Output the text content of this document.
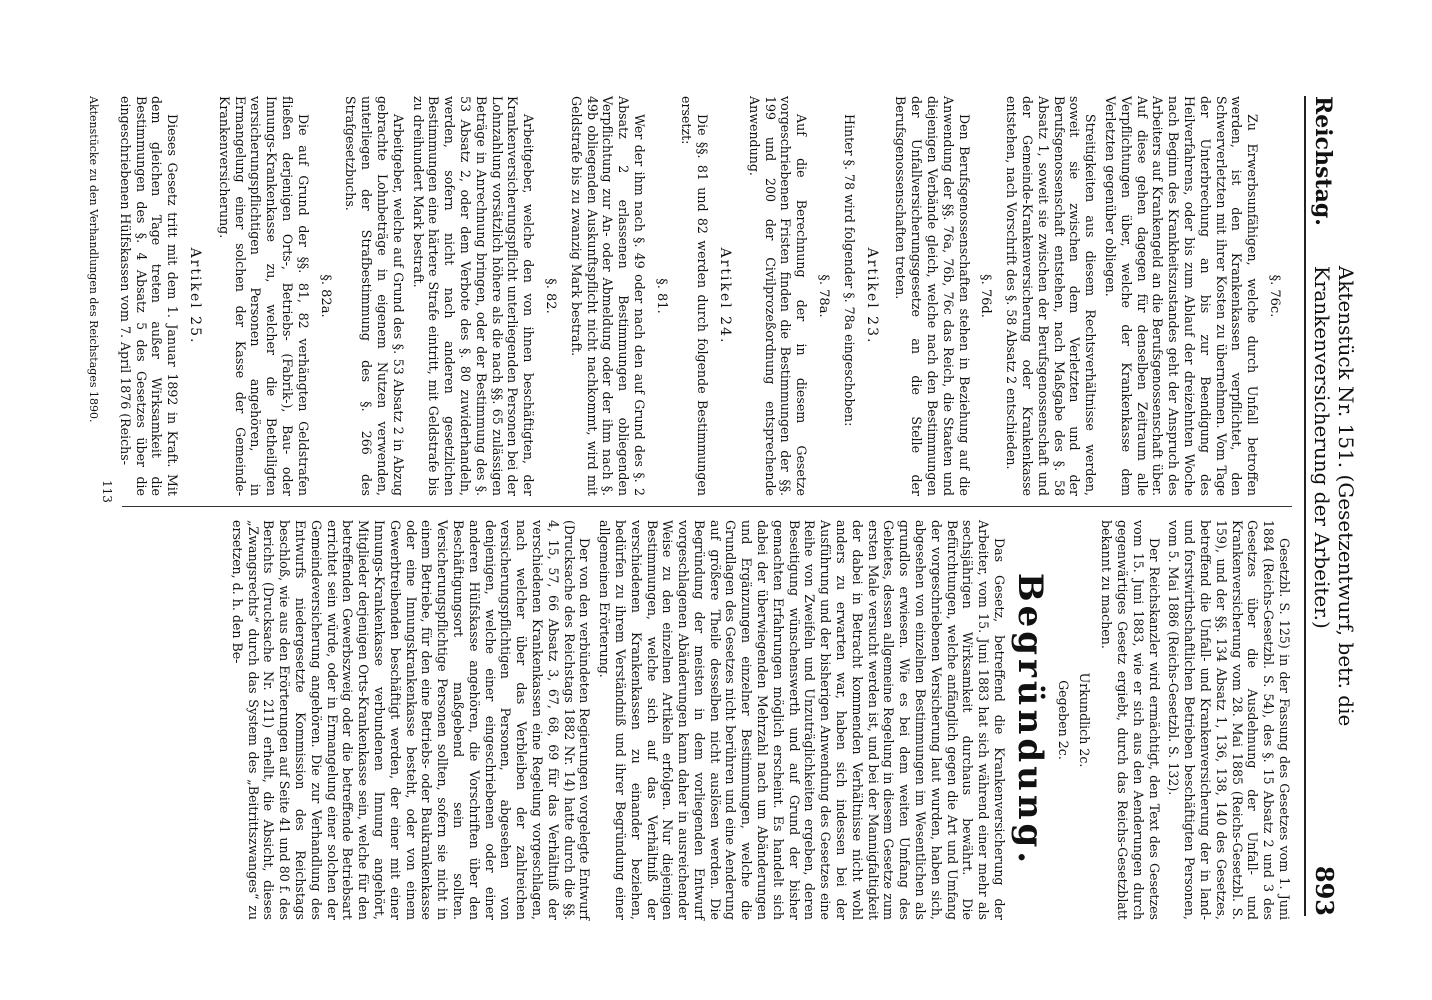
Reichstag.
Aktenstück Nr. 151. (Gesetzentwurf, betr. die Krankenversicherung der Arbeiter.)
893
§. 76c.

Zu Erwerbsunfähigen, welche durch Unfall betroffen werden, ist den Krankenkassen verpflichtet, den Schwerverletzten mit ihrer Kosten zu übernehmen. Vom Tage der Unterbrechung an bis zur Beendigung des Heilverfahrens, oder bis zum Ablauf der dreizehnten Woche nach Beginn des Krankheitszustandes geht der Anspruch des Arbeiters auf Krankengeld an die Berufsgenossenschaft über. Auf diese gehen dagegen für denselben Zeitraum alle Verpflichtungen über, welche der Krankenkasse dem Verletzten gegenüber obliegen.

Streitigkeiten aus diesem Rechtsverhältnisse werden, soweit sie zwischen dem Verletzten und der Berufsgenossenschaft entstehen, nach Maßgabe des §. 58 Absatz 1, soweit sie zwischen der Berufsgenossenschaft und der Gemeinde-Krankenversicherung oder Krankenkasse entstehen, nach Vorschrift des §. 58 Absatz 2 entschieden.

§. 76d.

Den Berufsgenossenschaften stehen in Beziehung auf die Anwendung der §§. 76a, 76b, 76c das Reich, die Staaten und diejenigen Verbände gleich, welche nach den Bestimmungen der Unfallversicherungsgesetze an die Stelle der Berufsgenossenschaften treten.

Artikel 23.

Hinter §. 78 wird folgender §. 78a eingeschoben:

§. 78a.

Auf die Berechnung der in diesem Gesetze vorgeschriebenen Fristen finden die Bestimmungen der §§. 199 und 200 der Civilprozeßordnung entsprechende Anwendung.

Artikel 24.

Die §§. 81 und 82 werden durch folgende Bestimmungen ersetzt:

§. 81.

Wer der ihm nach §. 49 oder nach den auf Grund des §. 2 Absatz 2 erlassenen Bestimmungen obliegenden Verpflichtung zur An- oder Abmeldung oder der ihm nach §. 49b obliegenden Auskunftspflicht nicht nachkommt, wird mit Geldstrafe bis zu zwanzig Mark bestraft.

§. 82.

Arbeitgeber, welche den von ihnen beschäftigten, der Krankenversicherungspflicht unterliegenden Personen bei der Lohnzahlung vorsätzlich höhere als die nach §§. 65 zulässigen Beträge in Anrechnung bringen, oder der Bestimmung des §. 53 Absatz 2, oder dem Verbote des §. 80 zuwiderhandeln, werden, sofern nicht nach anderen gesetzlichen Bestimmungen eine härtere Strafe eintritt, mit Geldstrafe bis zu dreihundert Mark bestraft.

Arbeitgeber, welche auf Grund des §. 53 Absatz 2 in Abzug gebrachte Lohnbeträge in eigenem Nutzen verwenden, unterliegen der Strafbestimmung des §. 266 des Strafgesetzbuchs.

§. 82a.

Die auf Grund der §§. 81, 82 verhängten Geldstrafen fließen derjenigen Orts-, Betriebs- (Fabrik-), Bau- oder Innungs-Krankenkasse zu, welcher die Betheiligten versicherungspflichtigen Personen angehören, in Ermangelung einer solchen der Kasse der Gemeinde-Krankenversicherung.

Artikel 25.

Dieses Gesetz tritt mit dem 1. Januar 1892 in Kraft. Mit dem gleichen Tage treten außer Wirksamkeit die Bestimmungen des §. 4 Absatz 5 des Gesetzes über die eingeschriebenen Hülfskassen vom 7. April 1876 (Reichs-

Aktenstücke zu den Verhandlungen des Reichstages 1890.

Gesetzbl. S. 125) in der Fassung des Gesetzes vom 1. Juni 1884 (Reichs-Gesetzbl. S. 54), des §. 15 Absatz 2 und 3 des Gesetzes über die Ausdehnung der Unfall- und Krankenversicherung vom 28. Mai 1885 (Reichs-Gesetzbl. S. 159), und der §§. 134 Absatz 1, 136, 138, 140 des Gesetzes, betreffend die Unfall- und Krankenversicherung der in land- und forstwirthschaftlichen Betrieben beschäftigten Personen, vom 5. Mai 1886 (Reichs-Gesetzbl. S. 132).

Der Reichskanzler wird ermächtigt, den Text des Gesetzes vom 15. Juni 1883, wie er sich aus den Aenderungen durch gegenwärtiges Gesetz ergiebt, durch das Reichs-Gesetzblatt bekannt zu machen.

Urkundlich 2c.
Gegeben 2c.
Begründung.

Das Gesetz, betreffend die Krankenversicherung der Arbeiter, vom 15. Juni 1883 hat sich während einer mehr als sechsjährigen Wirksamkeit durchaus bewährt. Die Befürchtungen, welche anfänglich gegen die Art und Umfang der vorgeschriebenen Versicherung laut wurden, haben sich, abgesehen von einzelnen Bestimmungen im Wesentlichen als grundlos erwiesen. Wie es bei dem weiten Umfang des Gebietes, dessen allgemeine Regelung in diesem Gesetze zum ersten Male versucht werden ist, und bei der Mannigfaltigkeit der dabei in Betracht kommenden Verhältnisse nicht wohl anders zu erwarten war, haben sich indessen bei der Ausführung und der bisherigen Anwendung des Gesetzes eine Reihe von Zweifeln und Unzuträglichkeiten ergeben, deren Beseitigung wünschenswerth und auf Grund der bisher gemachten Erfahrungen möglich erscheint. Es handelt sich dabei der überwiegenden Mehrzahl nach um Abänderungen und Ergänzungen einzelner Bestimmungen, welche die Grundlagen des Gesetzes nicht berühren und eine Aenderung auf größere Theile desselben nicht auslösen werden. Die Begründung der meisten in dem vorliegenden Entwurf vorgeschlagenen Abänderungen kann daher in ausreichender Weise zu den einzelnen Artikeln erfolgen. Nur diejenigen Bestimmungen, welche sich auf das Verhältniß der verschiedenen Krankenkassen zu einander beziehen, bedürfen zu ihrem Verständniß und ihrer Begründung einer allgemeinen Erörterung.

Der von den verbündeten Regierungen vorgelegte Entwurf (Drucksache des Reichstags 1882 Nr. 14) hatte durch die §§. 4, 15, 57, 66 Absatz 3, 67, 68, 69 für das Verhältniß der verschiedenen Krankenkassen eine Regelung vorgeschlagen, nach welcher über das Verbleiben der zahlreichen versicherungspflichtigen Personen, abgesehen von denjenigen, welche einer eingeschriebenen oder einer anderen Hülfskasse angehören, die Vorschriften über den Beschäftigungsort maßgebend sein sollten. Versicherungspflichtige Personen sollten, sofern sie nicht in einem Betriebe, für den eine Betriebs- oder Baukrankenkasse oder eine Innungskrankenkasse besteht, oder von einem Gewerbtreibenden beschäftigt werden, der einer mit einer Innungs-Krankenkasse verbundenen Innung angehört, Mitglieder derjenigen Orts-Krankenkasse sein, welche für den betreffenden Gewerbszweig oder die betreffende Betriebsart errichtet sein würde, oder in Ermangelung einer solchen der Gemeindeversicherung angehören. Die zur Verhandlung des Entwurfs niedergesetzte Kommission des Reichstags beschloß, wie aus den Erörterungen auf Seite 41 und 80 f. des Berichts (Drucksache Nr. 211) erhellt, die Absicht, dieses „Zwangsrechts“ durch das System des „Beitrittszwanges“ zu ersetzen, d. h. den Be-

113
